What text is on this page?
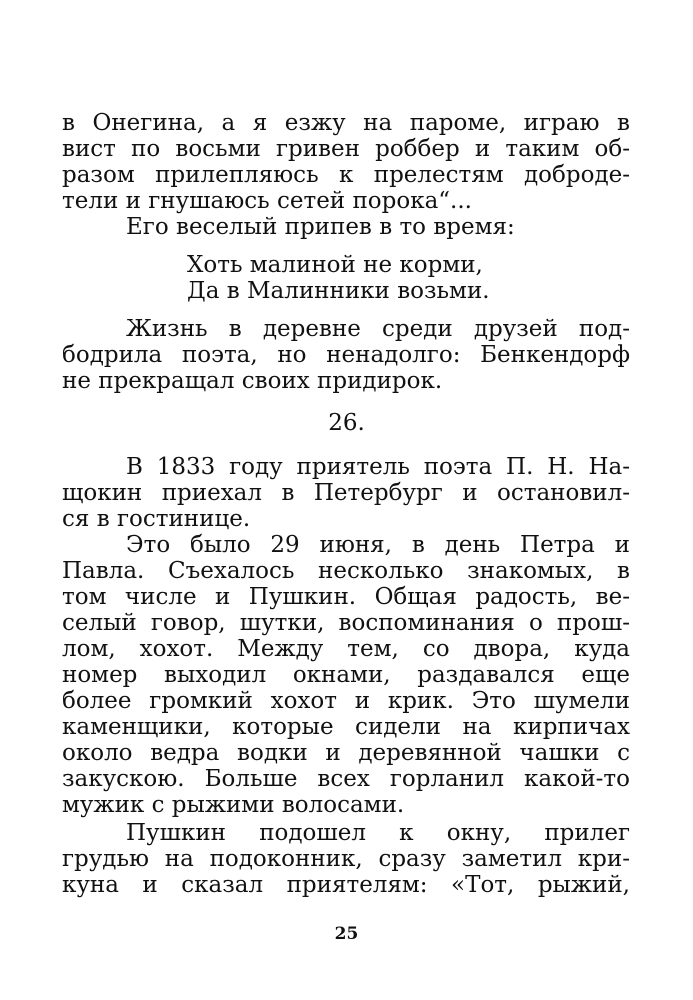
в Онегина, а я езжу на пароме, играю в
вист по восьми гривен роббер и таким об-
разом прилепляюсь к прелестям доброде-
тели и гнушаюсь сетей порока“...
Его веселый припев в то время:
Хоть малиной не корми,
Да в Малинники возьми.
Жизнь в деревне среди друзей под-
бодрила поэта, но ненадолго: Бенкендорф
не прекращал своих придирок.
26.
В 1833 году приятель поэта П. Н. На-
щокин приехал в Петербург и остановил-
ся в гостинице.
Это было 29 июня, в день Петра и
Павла. Съехалось несколько знакомых, в
том числе и Пушкин. Общая радость, ве-
селый говор, шутки, воспоминания о прош-
лом, хохот. Между тем, со двора, куда
номер выходил окнами, раздавался еще
более громкий хохот и крик. Это шумели
каменщики, которые сидели на кирпичах
около ведра водки и деревянной чашки с
закускою. Больше всех горланил какой-то
мужик с рыжими волосами.
Пушкин подошел к окну, прилег
грудью на подоконник, сразу заметил кри-
куна и сказал приятелям: «Тот, рыжий,
25
